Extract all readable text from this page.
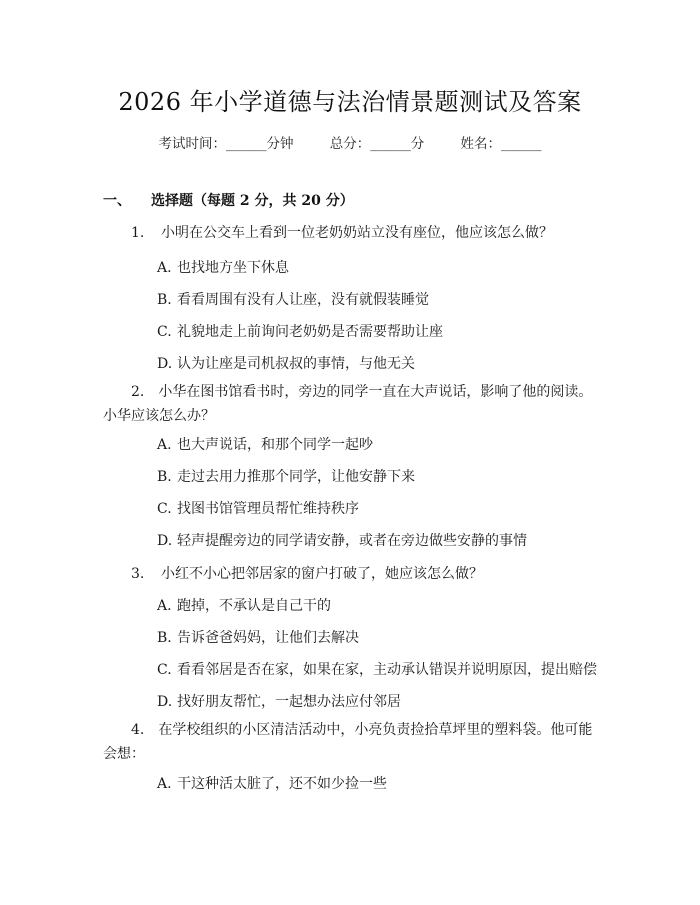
2026 年小学道德与法治情景题测试及答案
考试时间：______分钟	总分：______分	姓名：______
一、 选择题（每题 2 分，共 20 分）
1. 小明在公交车上看到一位老奶奶站立没有座位，他应该怎么做？
A. 也找地方坐下休息
B. 看看周围有没有人让座，没有就假装睡觉
C. 礼貌地走上前询问老奶奶是否需要帮助让座
D. 认为让座是司机叔叔的事情，与他无关
2.  小华在图书馆看书时，旁边的同学一直在大声说话，影响了他的阅读。小华应该怎么办？
A. 也大声说话，和那个同学一起吵
B. 走过去用力推那个同学，让他安静下来
C. 找图书馆管理员帮忙维持秩序
D. 轻声提醒旁边的同学请安静，或者在旁边做些安静的事情
3. 小红不小心把邻居家的窗户打破了，她应该怎么做？
A. 跑掉，不承认是自己干的
B. 告诉爸爸妈妈，让他们去解决
C. 看看邻居是否在家，如果在家，主动承认错误并说明原因，提出赔偿
D. 找好朋友帮忙，一起想办法应付邻居
4.  在学校组织的小区清洁活动中，小亮负责捡拾草坪里的塑料袋。他可能会想：
A. 干这种活太脏了，还不如少捡一些
